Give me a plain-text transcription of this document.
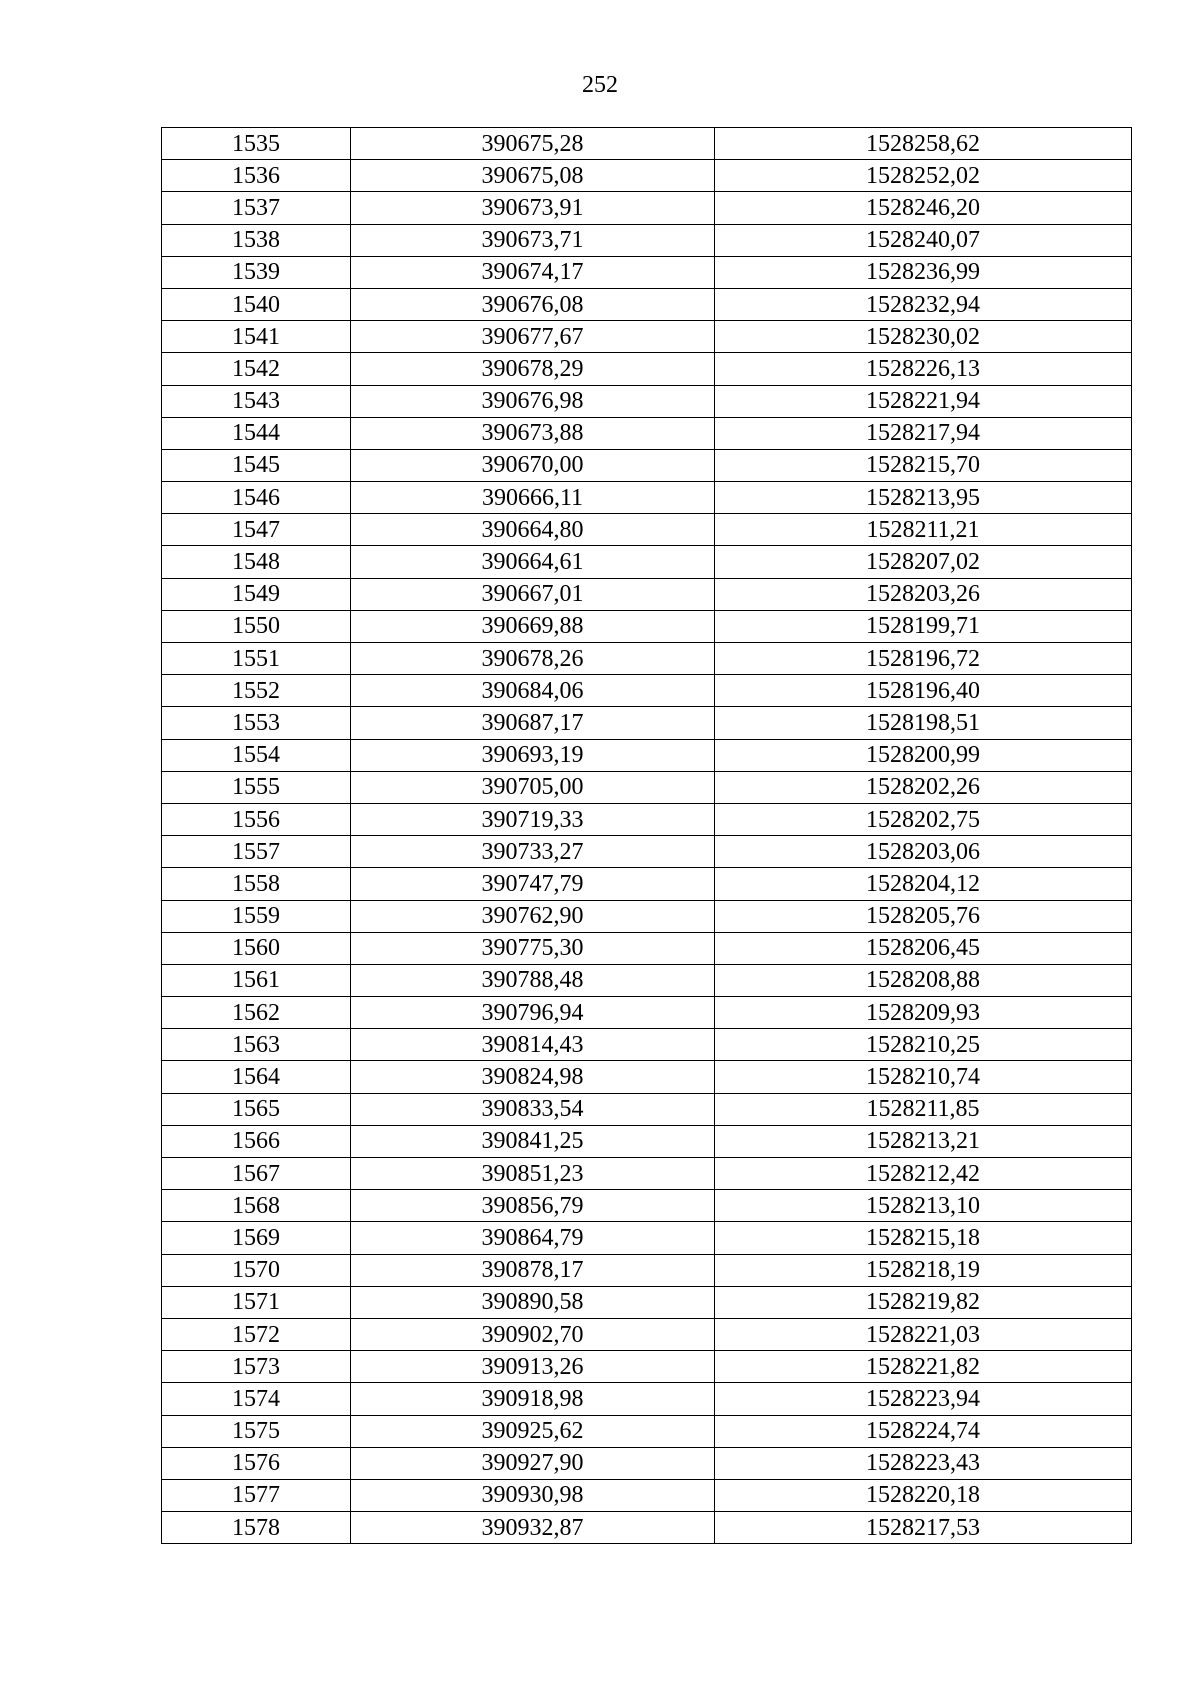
252
1535	390675,28	1528258,62
1536	390675,08	1528252,02
1537	390673,91	1528246,20
1538	390673,71	1528240,07
1539	390674,17	1528236,99
1540	390676,08	1528232,94
1541	390677,67	1528230,02
1542	390678,29	1528226,13
1543	390676,98	1528221,94
1544	390673,88	1528217,94
1545	390670,00	1528215,70
1546	390666,11	1528213,95
1547	390664,80	1528211,21
1548	390664,61	1528207,02
1549	390667,01	1528203,26
1550	390669,88	1528199,71
1551	390678,26	1528196,72
1552	390684,06	1528196,40
1553	390687,17	1528198,51
1554	390693,19	1528200,99
1555	390705,00	1528202,26
1556	390719,33	1528202,75
1557	390733,27	1528203,06
1558	390747,79	1528204,12
1559	390762,90	1528205,76
1560	390775,30	1528206,45
1561	390788,48	1528208,88
1562	390796,94	1528209,93
1563	390814,43	1528210,25
1564	390824,98	1528210,74
1565	390833,54	1528211,85
1566	390841,25	1528213,21
1567	390851,23	1528212,42
1568	390856,79	1528213,10
1569	390864,79	1528215,18
1570	390878,17	1528218,19
1571	390890,58	1528219,82
1572	390902,70	1528221,03
1573	390913,26	1528221,82
1574	390918,98	1528223,94
1575	390925,62	1528224,74
1576	390927,90	1528223,43
1577	390930,98	1528220,18
1578	390932,87	1528217,53
